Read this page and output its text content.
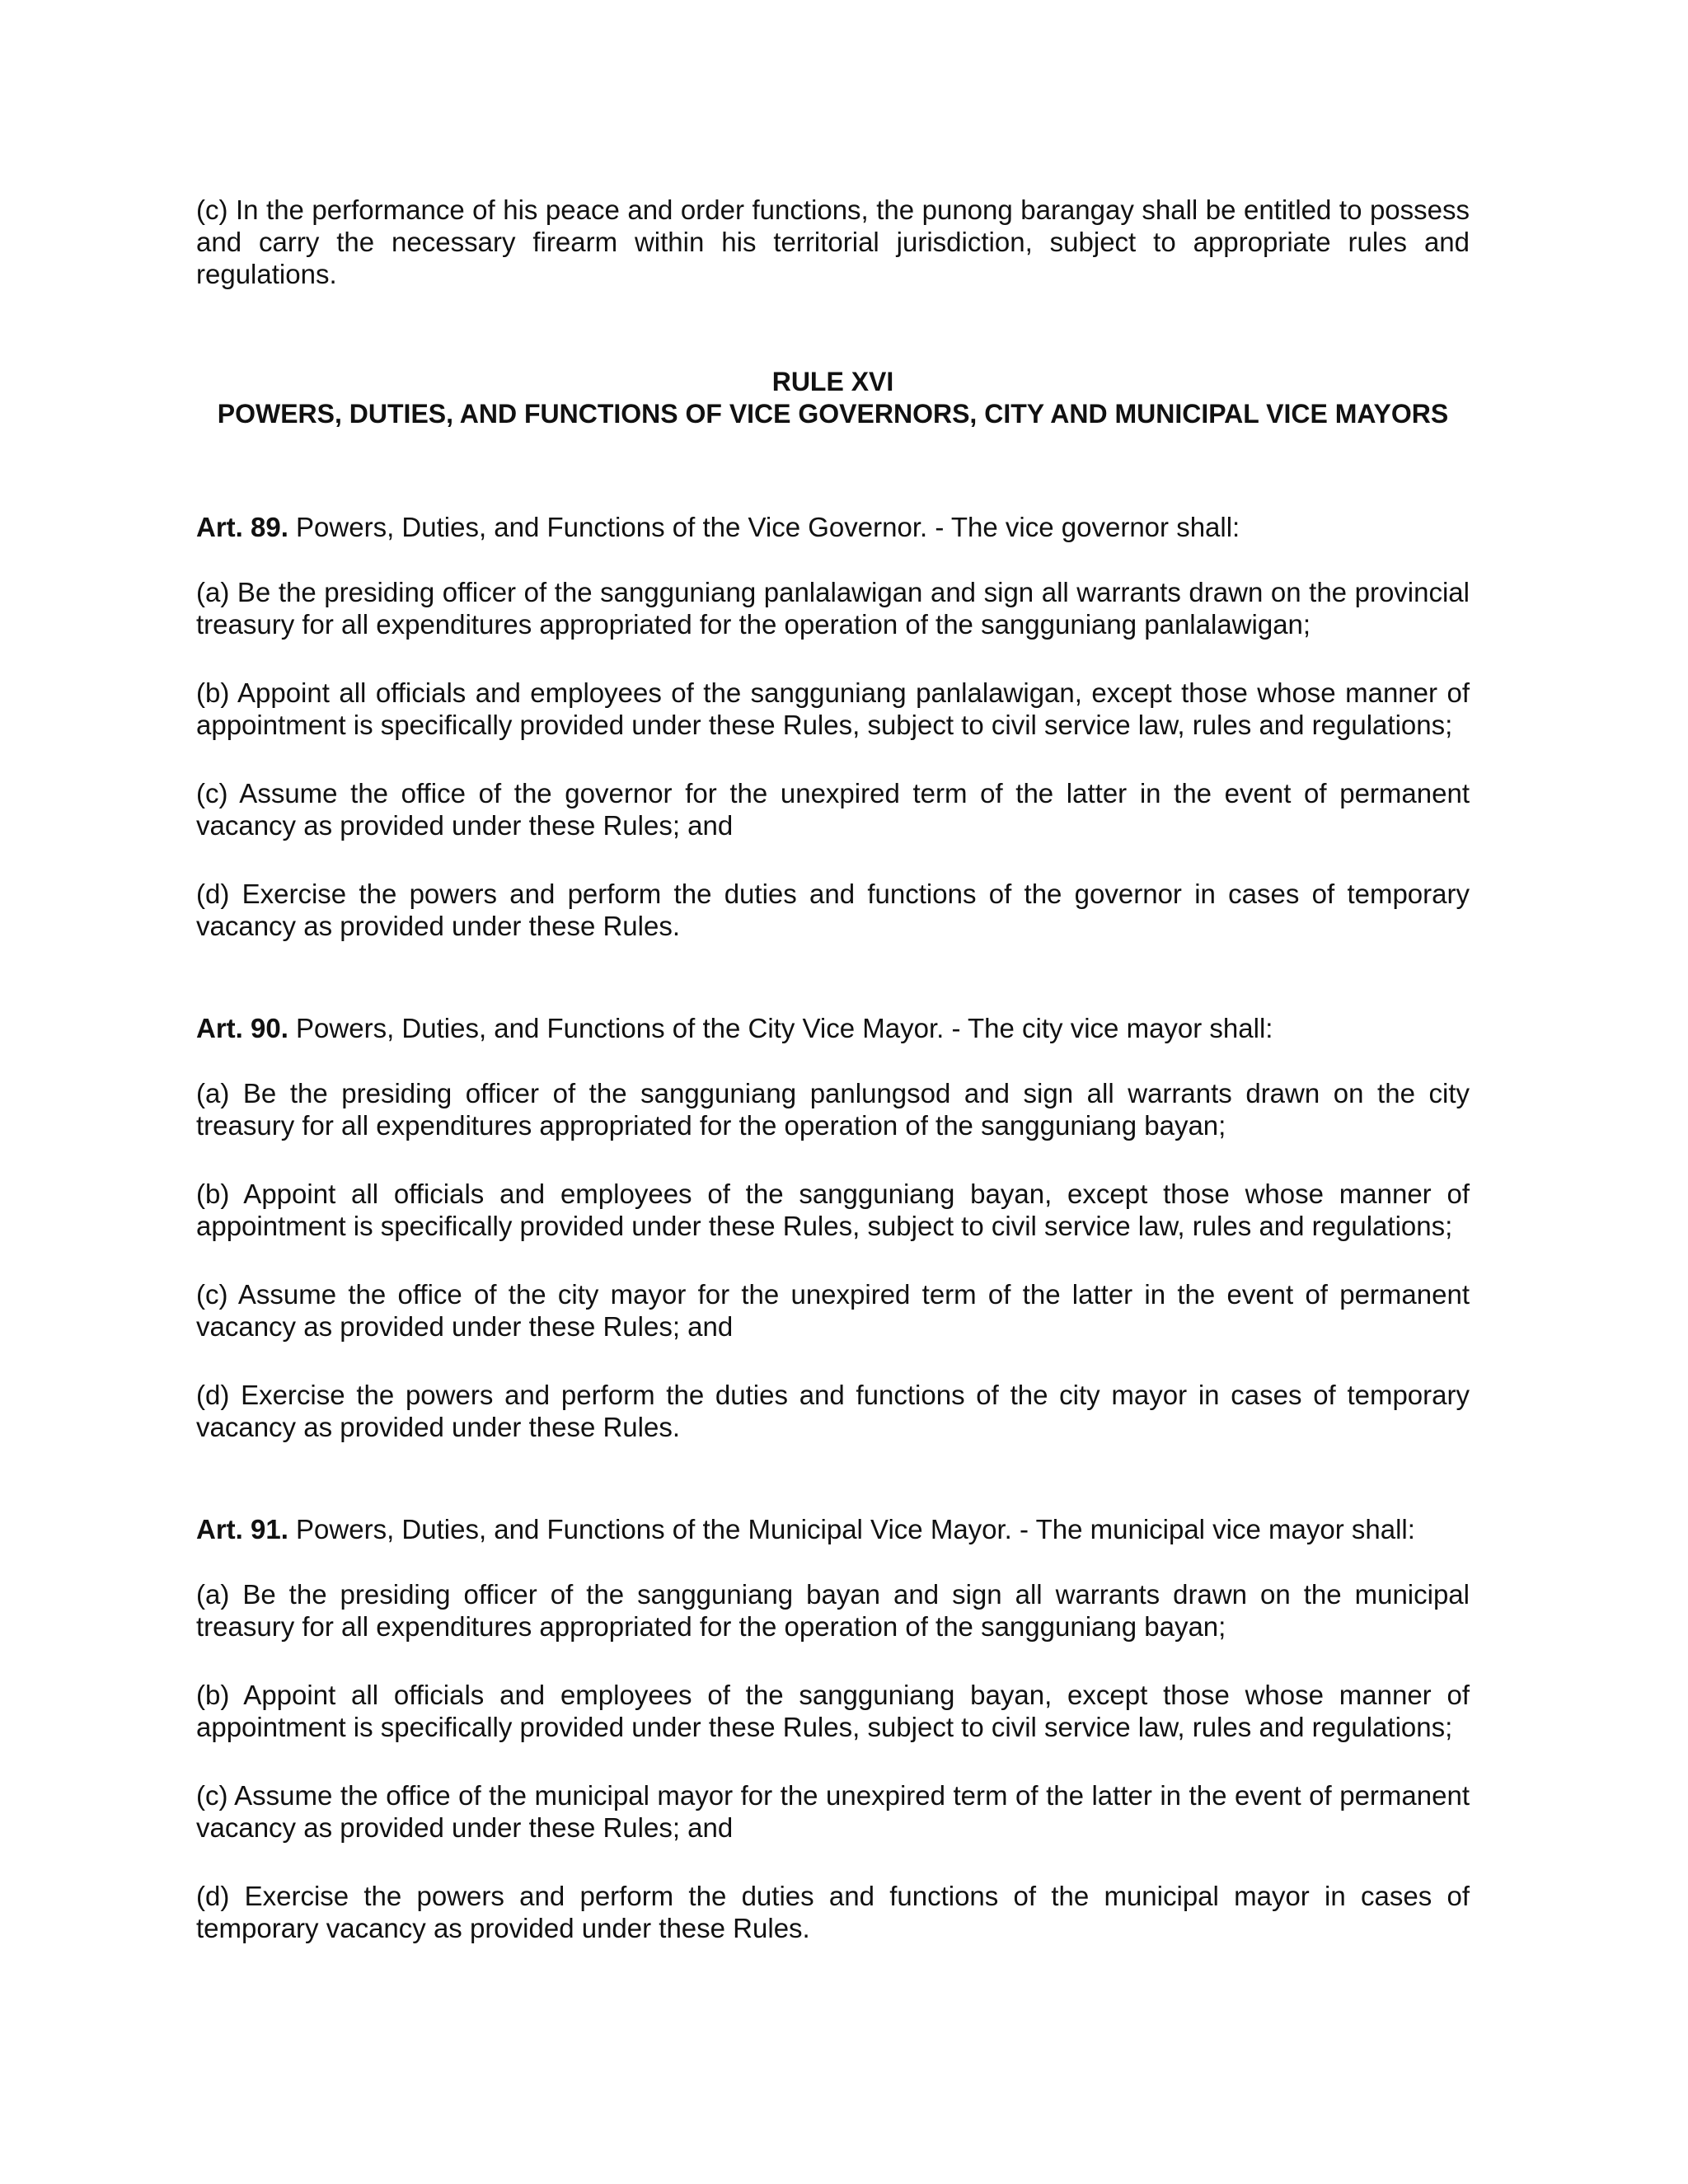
(c) In the performance of his peace and order functions, the punong barangay shall be entitled to possess and carry the necessary firearm within his territorial jurisdiction, subject to appropriate rules and regulations.

RULE XVI
POWERS, DUTIES, AND FUNCTIONS OF VICE GOVERNORS, CITY AND MUNICIPAL VICE MAYORS

Art. 89. Powers, Duties, and Functions of the Vice Governor. - The vice governor shall:

(a) Be the presiding officer of the sangguniang panlalawigan and sign all warrants drawn on the provincial treasury for all expenditures appropriated for the operation of the sangguniang panlalawigan;

(b) Appoint all officials and employees of the sangguniang panlalawigan, except those whose manner of appointment is specifically provided under these Rules, subject to civil service law, rules and regulations;

(c) Assume the office of the governor for the unexpired term of the latter in the event of permanent vacancy as provided under these Rules; and

(d) Exercise the powers and perform the duties and functions of the governor in cases of temporary vacancy as provided under these Rules.

Art. 90. Powers, Duties, and Functions of the City Vice Mayor. - The city vice mayor shall:

(a) Be the presiding officer of the sangguniang panlungsod and sign all warrants drawn on the city treasury for all expenditures appropriated for the operation of the sangguniang bayan;

(b) Appoint all officials and employees of the sangguniang bayan, except those whose manner of appointment is specifically provided under these Rules, subject to civil service law, rules and regulations;

(c) Assume the office of the city mayor for the unexpired term of the latter in the event of permanent vacancy as provided under these Rules; and

(d) Exercise the powers and perform the duties and functions of the city mayor in cases of temporary vacancy as provided under these Rules.

Art. 91. Powers, Duties, and Functions of the Municipal Vice Mayor. - The municipal vice mayor shall:

(a) Be the presiding officer of the sangguniang bayan and sign all warrants drawn on the municipal treasury for all expenditures appropriated for the operation of the sangguniang bayan;

(b) Appoint all officials and employees of the sangguniang bayan, except those whose manner of appointment is specifically provided under these Rules, subject to civil service law, rules and regulations;

(c) Assume the office of the municipal mayor for the unexpired term of the latter in the event of permanent vacancy as provided under these Rules; and

(d) Exercise the powers and perform the duties and functions of the municipal mayor in cases of temporary vacancy as provided under these Rules.
